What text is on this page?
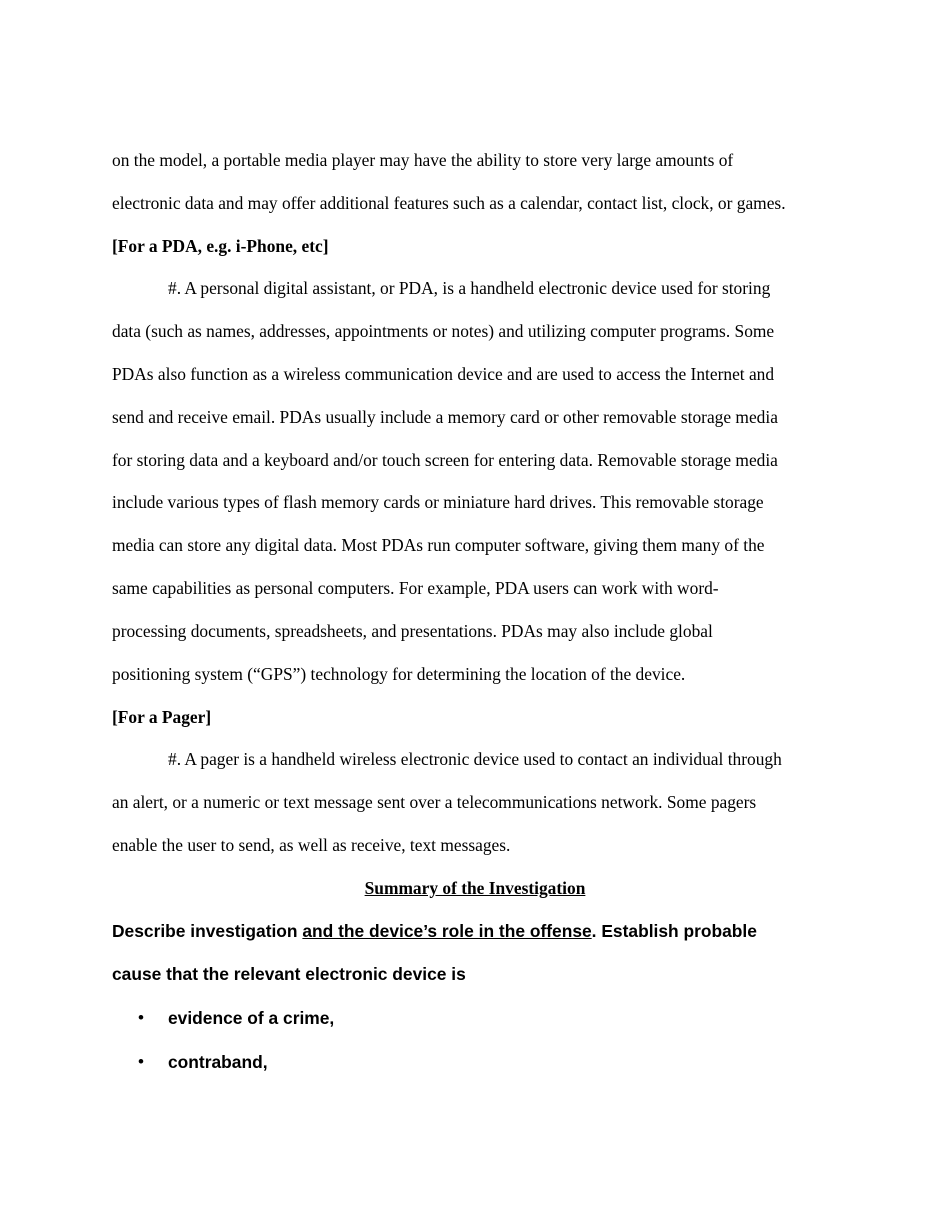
on the model, a portable media player may have the ability to store very large amounts of
electronic data and may offer additional features such as a calendar, contact list, clock, or games.
[For a PDA, e.g. i-Phone, etc]
#. A personal digital assistant, or PDA, is a handheld electronic device used for storing
data (such as names, addresses, appointments or notes) and utilizing computer programs. Some
PDAs also function as a wireless communication device and are used to access the Internet and
send and receive email. PDAs usually include a memory card or other removable storage media
for storing data and a keyboard and/or touch screen for entering data. Removable storage media
include various types of flash memory cards or miniature hard drives. This removable storage
media can store any digital data. Most PDAs run computer software, giving them many of the
same capabilities as personal computers. For example, PDA users can work with word-
processing documents, spreadsheets, and presentations. PDAs may also include global
positioning system (“GPS”) technology for determining the location of the device.
[For a Pager]
#. A pager is a handheld wireless electronic device used to contact an individual through
an alert, or a numeric or text message sent over a telecommunications network. Some pagers
enable the user to send, as well as receive, text messages.
Summary of the Investigation
Describe investigation and the device’s role in the offense. Establish probable
cause that the relevant electronic device is
• evidence of a crime,
• contraband,
